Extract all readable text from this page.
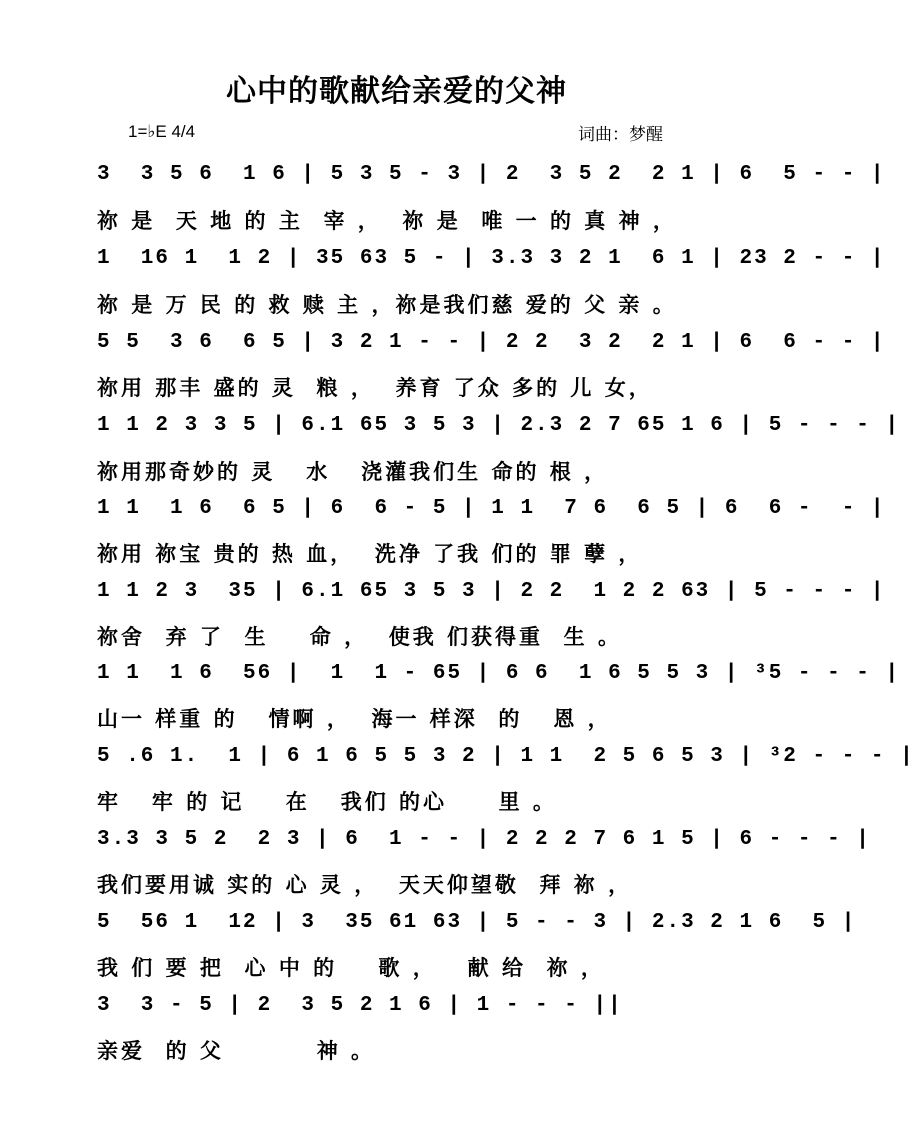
心中的歌献给亲爱的父神
1=♭E 4/4	词曲：梦醒
3  3 5 6  1 6 | 5 3 5 - 3 | 2  3 5 2  2 1 | 6  5 - - |
祢 是  天 地 的 主  宰 ，  祢 是  唯 一 的 真 神 ，
1  16 1  1 2 | 35 63 5 - | 3.3 3 2 1  6 1 | 23 2 - - |
祢 是 万 民 的 救 赎 主 ，祢是我们慈 爱的 父 亲 。
5 5  3 6  6 5 | 3 2 1 - - | 2 2  3 2  2 1 | 6  6 - - |
祢用 那丰 盛的 灵  粮 ，  养育 了众 多的 儿 女，
1 1 2 3 3 5 | 6.1 65 3 5 3 | 2.3 2 7 65 1 6 | 5 - - - |
祢用那奇妙的 灵   水   浇灌我们生 命的 根 ，
1 1  1 6  6 5 | 6  6 - 5 | 1 1  7 6  6 5 | 6  6 -  - |
祢用 祢宝 贵的 热 血，  洗净 了我 们的 罪 孽 ，
1 1 2 3  35 | 6.1 65 3 5 3 | 2 2  1 2 2 63 | 5 - - - |
祢舍  弃 了  生    命 ，  使我 们获得重  生 。
1 1  1 6  56 |  1  1 - 65 | 6 6  1 6 5 5 3 | ³5 - - - |
山一 样重 的   情啊 ，  海一 样深  的   恩 ，
5 .6 1.  1 | 6 1 6 5 5 3 2 | 1 1  2 5 6 5 3 | ³2 - - - |
牢   牢 的 记    在   我们 的心     里 。
3.3 3 5 2  2 3 | 6  1 - - | 2 2 2 7 6 1 5 | 6 - - - |
我们要用诚 实的 心 灵 ，  天天仰望敬  拜 祢 ，
5  56 1  12 | 3  35 61 63 | 5 - - 3 | 2.3 2 1 6  5 |
我 们 要 把  心 中 的    歌 ，   献 给  祢 ，
3  3 - 5 | 2  3 5 2 1 6 | 1 - - - ||
亲爱  的 父         神 。
